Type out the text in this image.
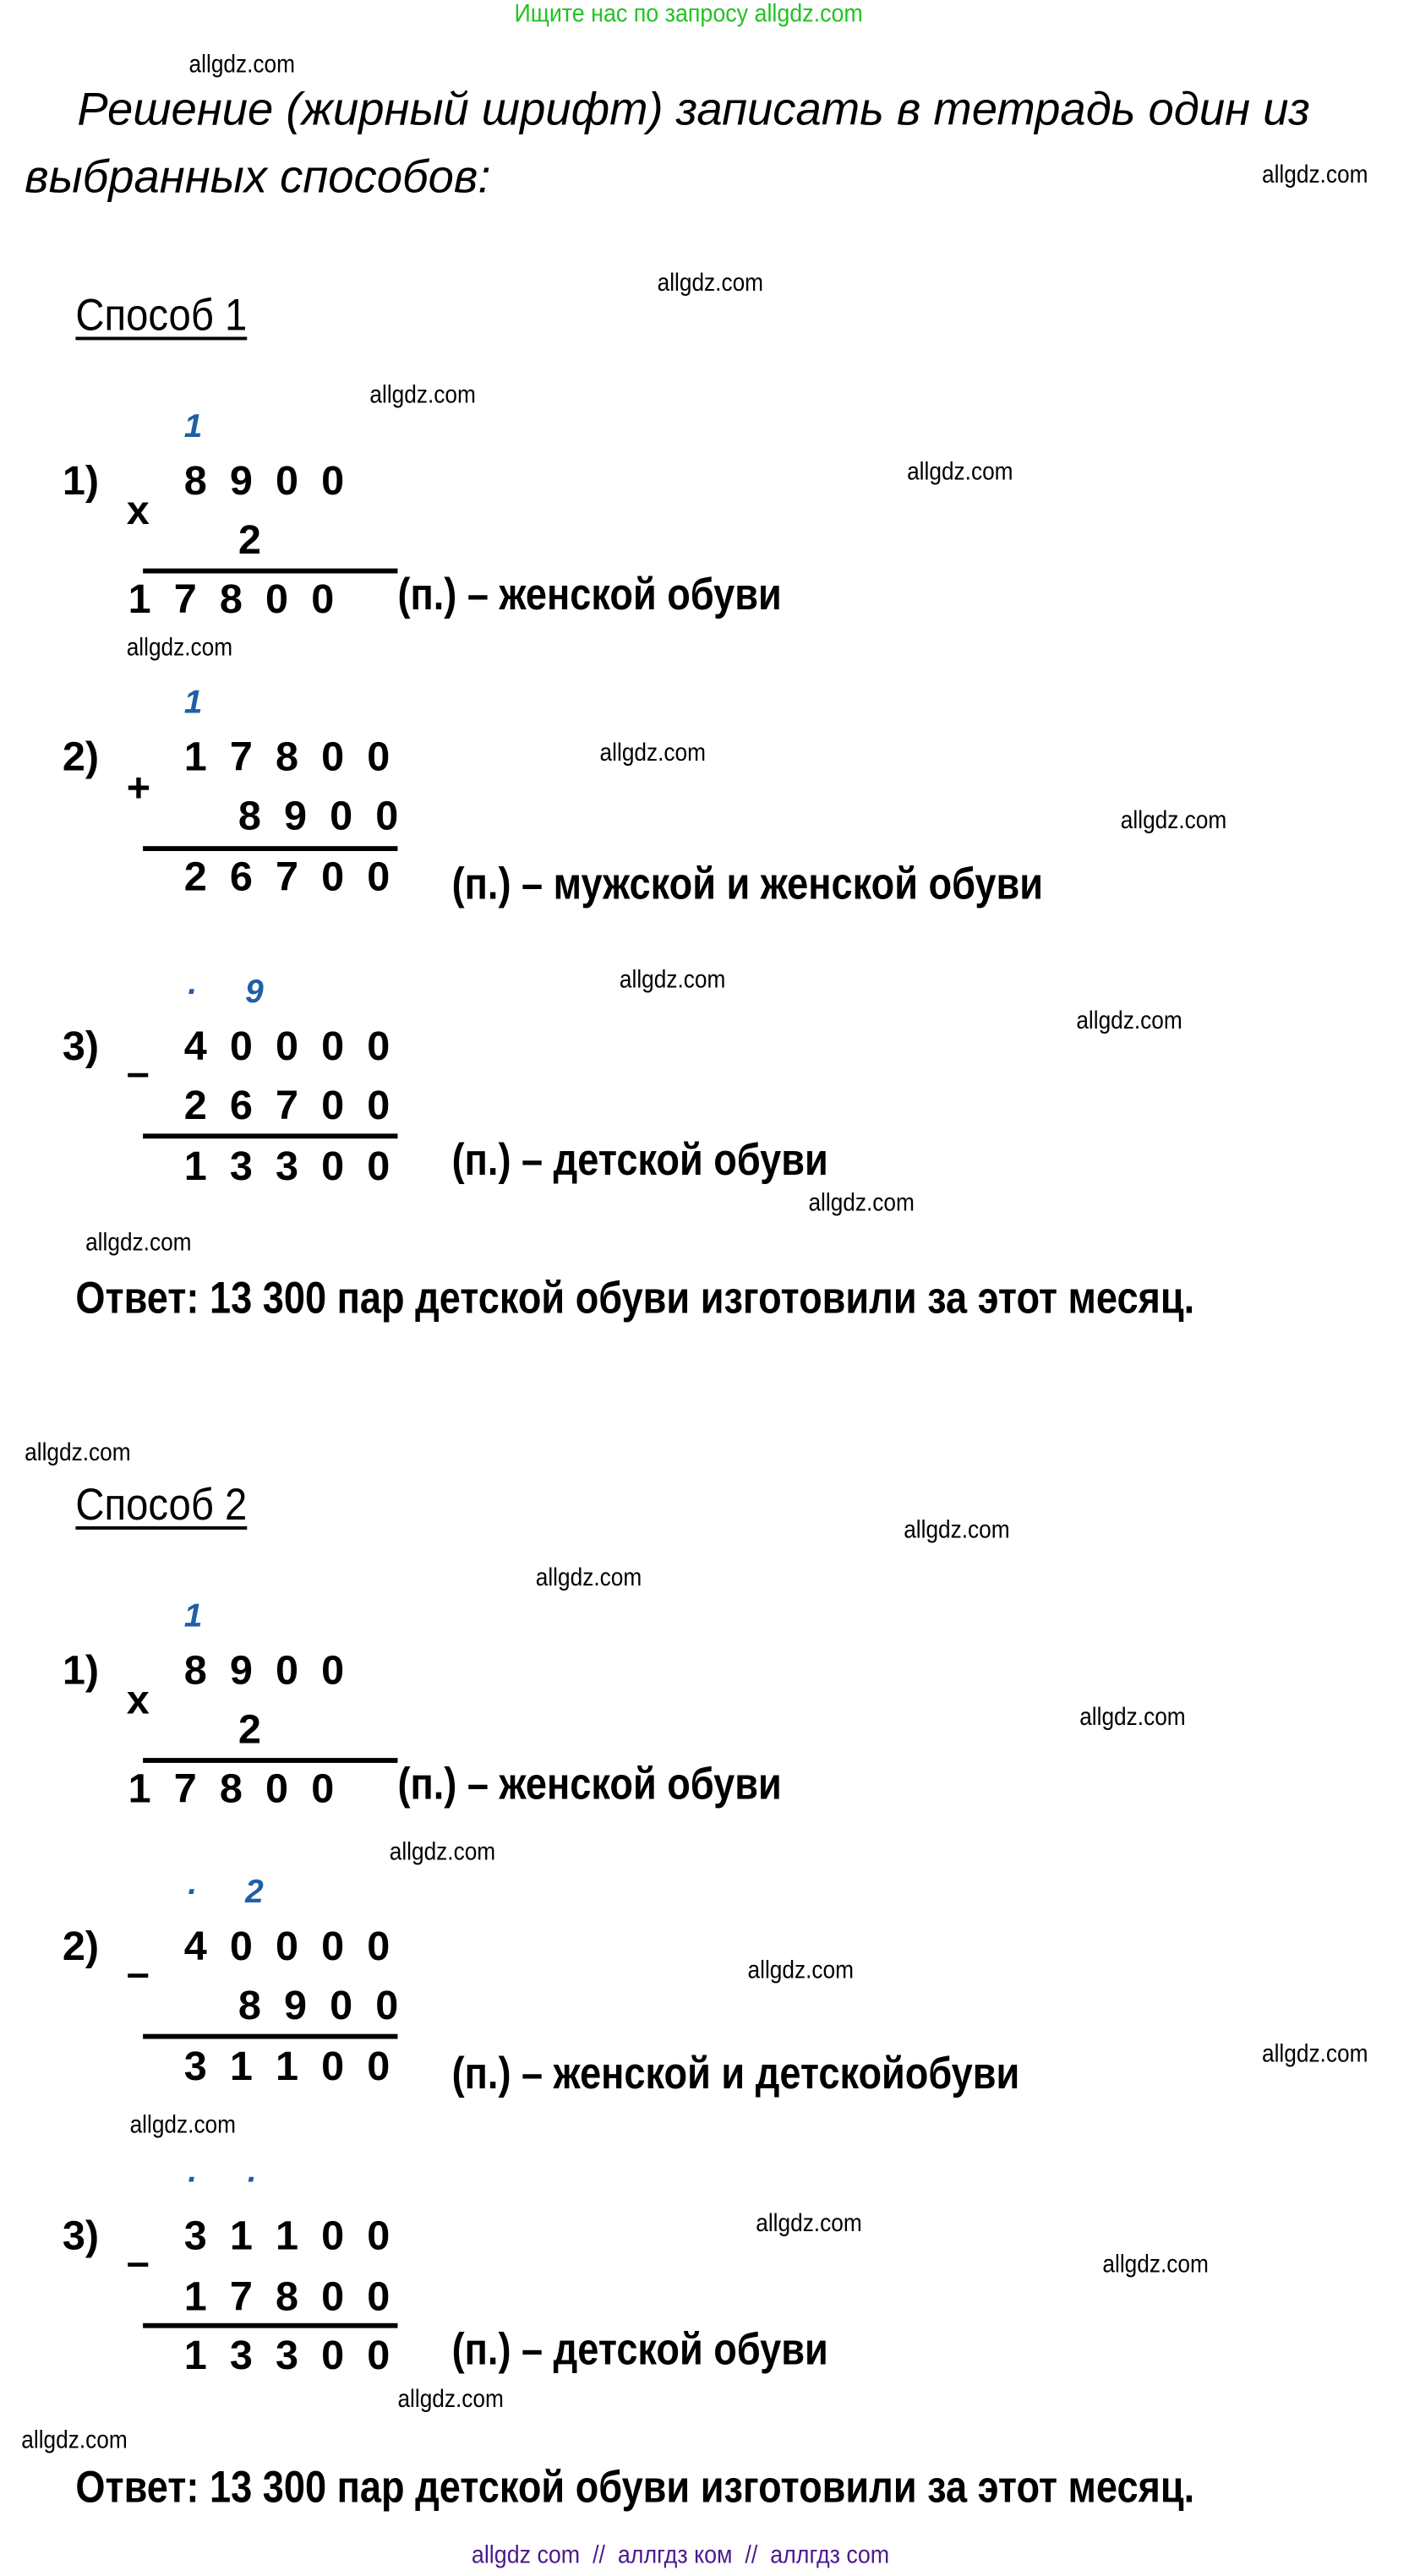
Ищите нас по запросу allgdz.com
allgdz.com
allgdz.com
allgdz.com
allgdz.com
allgdz.com
allgdz.com
allgdz.com
allgdz.com
allgdz.com
allgdz.com
allgdz.com
allgdz.com
allgdz.com
allgdz.com
allgdz.com
allgdz.com
allgdz.com
allgdz.com
allgdz.com
allgdz.com
allgdz.com
allgdz.com
allgdz.com
allgdz.com
Решение (жирный шрифт) записать в тетрадь один из
выбранных способов:
Способ 1
1
1)
x
8 9 0 0
2
1 7 8 0 0	(п.) – женской обуви
1
2)
+
1 7 8 0 0
8 9 0 0
2 6 7 0 0 (п.) – мужской и женской обуви
· 9
3)
–
4 0 0 0 0
2 6 7 0 0
1 3 3 0 0 (п.) – детской обуви
Ответ: 13 300 пар детской обуви изготовили за этот месяц.
Способ 2
1
1)
x
8 9 0 0
2
1 7 8 0 0	(п.) – женской обуви
· 2
2)
–
4 0 0 0 0
8 9 0 0
3 1 1 0 0 (п.) – женской и детскойобуви
· ·
3)
–
3 1 1 0 0
1 7 8 0 0
1 3 3 0 0 (п.) – детской обуви
Ответ: 13 300 пар детской обуви изготовили за этот месяц.
allgdz com  //  аллгдз ком  //  аллгдз com
